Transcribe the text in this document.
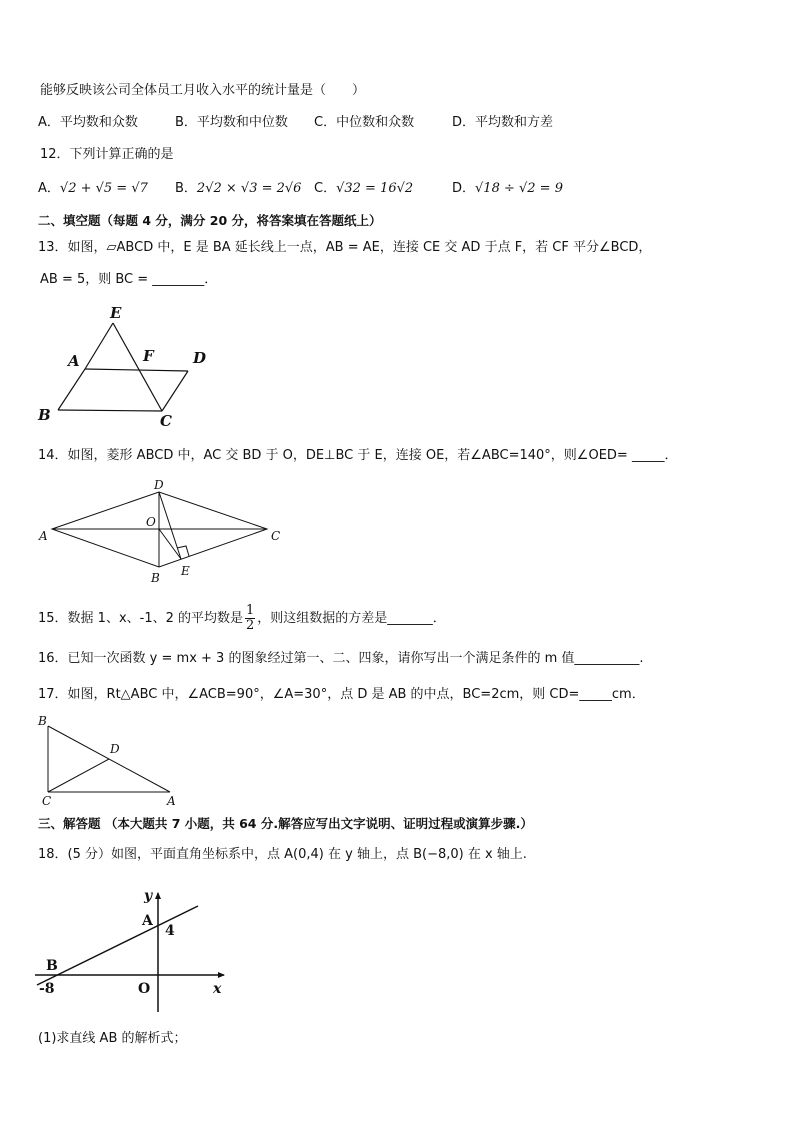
能够反映该公司全体员工月收入水平的统计量是（　　）
A．平均数和众数	B．平均数和中位数 C．中位数和众数	D．平均数和方差
12．下列计算正确的是
A．√2 + √5 = √7 B．2√2 × √3 = 2√6 C．√32 = 16√2	D．√18 ÷ √2 = 9
二、填空题（每题 4 分，满分 20 分，将答案填在答题纸上）
13．如图，▱ABCD 中，E 是 BA 延长线上一点，AB = AE，连接 CE 交 AD 于点 F，若 CF 平分∠BCD，
AB = 5，则 BC = ________．
E
A	F	D
B	C
14．如图，菱形 ABCD 中，AC 交 BD 于 O，DE⊥BC 于 E，连接 OE，若∠ABC=140°，则∠OED= _____．
D
O
A	C
B E
15．数据 1、x、-1、2 的平均数是 $\frac{1}{2}$ ，则这组数据的方差是_______．
16．已知一次函数 y = mx + 3 的图象经过第一、二、四象，请你写出一个满足条件的 m 值__________.
17．如图，Rt△ABC 中，∠ACB=90°，∠A=30°，点 D 是 AB 的中点，BC=2cm，则 CD=_____cm．
B
D
C	A
三、解答题 （本大题共 7 小题，共 64 分.解答应写出文字说明、证明过程或演算步骤.）
18．(5 分）如图，平面直角坐标系中，点 A(0,4) 在 y 轴上，点 B(−8,0) 在 x 轴上.
y
A
4
B
-8	O	x
(1)求直线 AB 的解析式；
